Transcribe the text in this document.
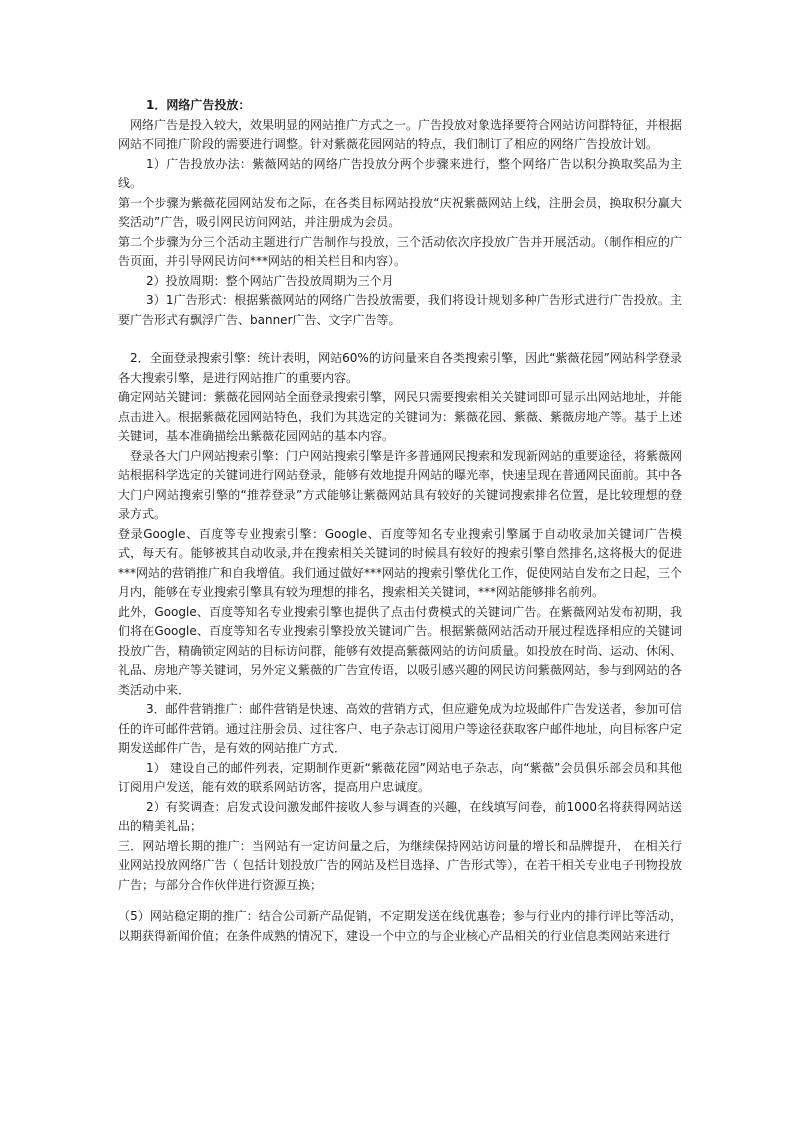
1．网络广告投放：

网络广告是投入较大，效果明显的网站推广方式之一。广告投放对象选择要符合网站访问群特征，并根据网站不同推广阶段的需要进行调整。针对紫薇花园网站的特点，我们制订了相应的网络广告投放计划。

1）广告投放办法：紫薇网站的网络广告投放分两个步骤来进行，整个网络广告以积分换取奖品为主线。

第一个步骤为紫薇花园网站发布之际，在各类目标网站投放“庆祝紫薇网站上线，注册会员，换取积分赢大奖活动”广告，吸引网民访问网站，并注册成为会员。

第二个步骤为分三个活动主题进行广告制作与投放，三个活动依次序投放广告并开展活动。（制作相应的广告页面，并引导网民访问***网站的相关栏目和内容）。

2）投放周期：整个网站广告投放周期为三个月

3）1广告形式：根据紫薇网站的网络广告投放需要，我们将设计规划多种广告形式进行广告投放。主要广告形式有飘浮广告、banner广告、文字广告等。

2．全面登录搜索引擎：统计表明，网站60%的访问量来自各类搜索引擎，因此“紫薇花园”网站科学登录各大搜索引擎，是进行网站推广的重要内容。

确定网站关键词：紫薇花园网站全面登录搜索引擎，网民只需要搜索相关关键词即可显示出网站地址，并能点击进入。根据紫薇花园网站特色，我们为其选定的关键词为：紫薇花园、紫薇、紫薇房地产等。基于上述关键词，基本准确描绘出紫薇花园网站的基本内容。

登录各大门户网站搜索引擎：门户网站搜索引擎是许多普通网民搜索和发现新网站的重要途径，将紫薇网站根据科学选定的关键词进行网站登录，能够有效地提升网站的曝光率，快速呈现在普通网民面前。其中各大门户网站搜索引擎的“推荐登录”方式能够让紫薇网站具有较好的关键词搜索排名位置，是比较理想的登录方式。

登录Google、百度等专业搜索引擎：Google、百度等知名专业搜索引擎属于自动收录加关键词广告模式，每天有。能够被其自动收录,并在搜索相关关键词的时候具有较好的搜索引擎自然排名,这将极大的促进***网站的营销推广和自我增值。我们通过做好***网站的搜索引擎优化工作，促使网站自发布之日起，三个月内，能够在专业搜索引擎具有较为理想的排名，搜索相关关键词，***网站能够排名前列。

此外，Google、百度等知名专业搜索引擎也提供了点击付费模式的关键词广告。在紫薇网站发布初期，我们将在Google、百度等知名专业搜索引擎投放关键词广告。根据紫薇网站活动开展过程选择相应的关键词投放广告，精确锁定网站的目标访问群，能够有效提高紫薇网站的访问质量。如投放在时尚、运动、休闲、礼品、房地产等关键词，另外定义紫薇的广告宣传语，以吸引感兴趣的网民访问紫薇网站，参与到网站的各类活动中来．

3．邮件营销推广：邮件营销是快速、高效的营销方式，但应避免成为垃圾邮件广告发送者，参加可信任的许可邮件营销。通过注册会员、过往客户、电子杂志订阅用户等途径获取客户邮件地址，向目标客户定期发送邮件广告，是有效的网站推广方式．

1） 建设自己的邮件列表，定期制作更新“紫薇花园”网站电子杂志，向“紫薇”会员俱乐部会员和其他订阅用户发送，能有效的联系网站访客，提高用户忠诚度。

2）有奖调查：启发式设问激发邮件接收人参与调查的兴趣，在线填写问卷，前1000名将获得网站送出的精美礼品；

三．网站增长期的推广：当网站有一定访问量之后，为继续保持网站访问量的增长和品牌提升， 在相关行业网站投放网络广告（ 包括计划投放广告的网站及栏目选择、广告形式等），在若干相关专业电子刊物投放广告；与部分合作伙伴进行资源互换；

（5）网站稳定期的推广：结合公司新产品促销，不定期发送在线优惠卷；参与行业内的排行评比等活动，以期获得新闻价值；在条件成熟的情况下，建设一个中立的与企业核心产品相关的行业信息类网站来进行
